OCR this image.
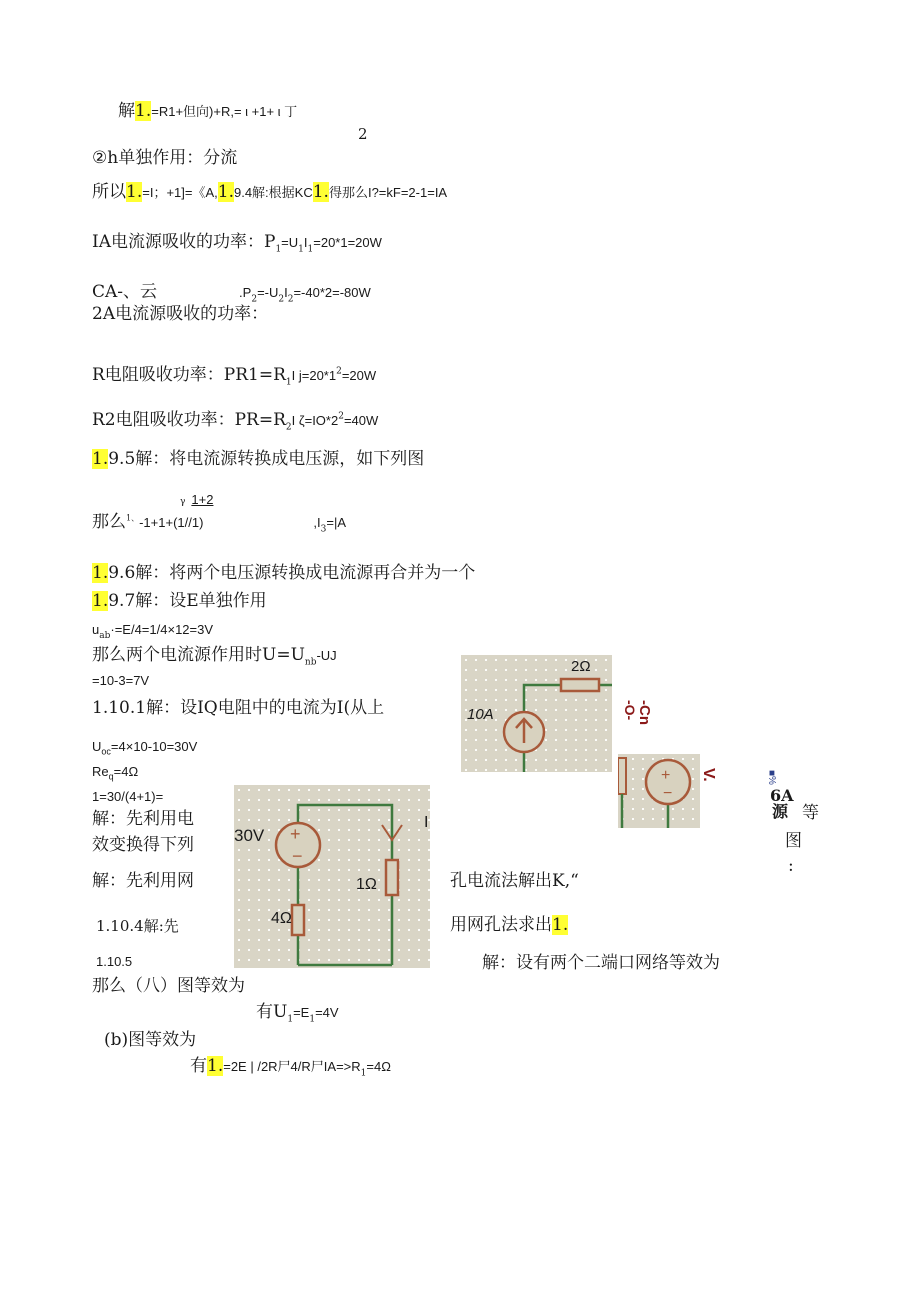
解1.=R1+但向)+R,= ι +1+ ι 丁
2
②h单独作用：分流
所以1.=I；+1]=《A,1.9.4解:根据KC1.得那么I?=kF=2-1=IA
IA电流源吸收的功率：$P_1=U_1I_1=20*1=20W$
CA-、云	$.P_2=-U_2I_2=-40*2=-80W$
2A电流源吸收的功率：
R电阻吸收功率：$PR1=R_1I$ $j=20*1^2=20W$
R2电阻吸收功率：$PR=R_2I$ $\zeta=IO*2^2=40W$
1.9.5解：将电流源转换成电压源，如下列图
γ 1+2
那么$^{1、}$-1+1+(1//1)	$,I_3=|A$
1.9.6解：将两个电压源转换成电流源再合并为一个
1.9.7解：设E单独作用
$u_{ab}\cdot=E/4=1/4\times 12=3V$
那么两个电流源作用时$U=U_{nb}-UJ$
=10-3=7V
1.10.1解：设IQ电阻中的电流为I(从上
$U_{oc}=4\times 10-10=30V$
$Re_q=4\Omega$
1=30/(4+1)=
解：先利用电
效变换得下列
解：先利用网	孔电流法解出K,“
1.10.4解:先	用网孔法求出1.
1.10.5	解：设有两个二端口网络等效为
那么（八）图等效为
有$U_1=E_1=4V$
(b)图等效为
有1.=2E | /2R尸4/R尸$IA=>R_1=4\Omega$
+
−
30V
1Ω
4Ω
I
10A
2Ω
+
−
-Cn
-O-
V.	■%
等
6A源
图
:
